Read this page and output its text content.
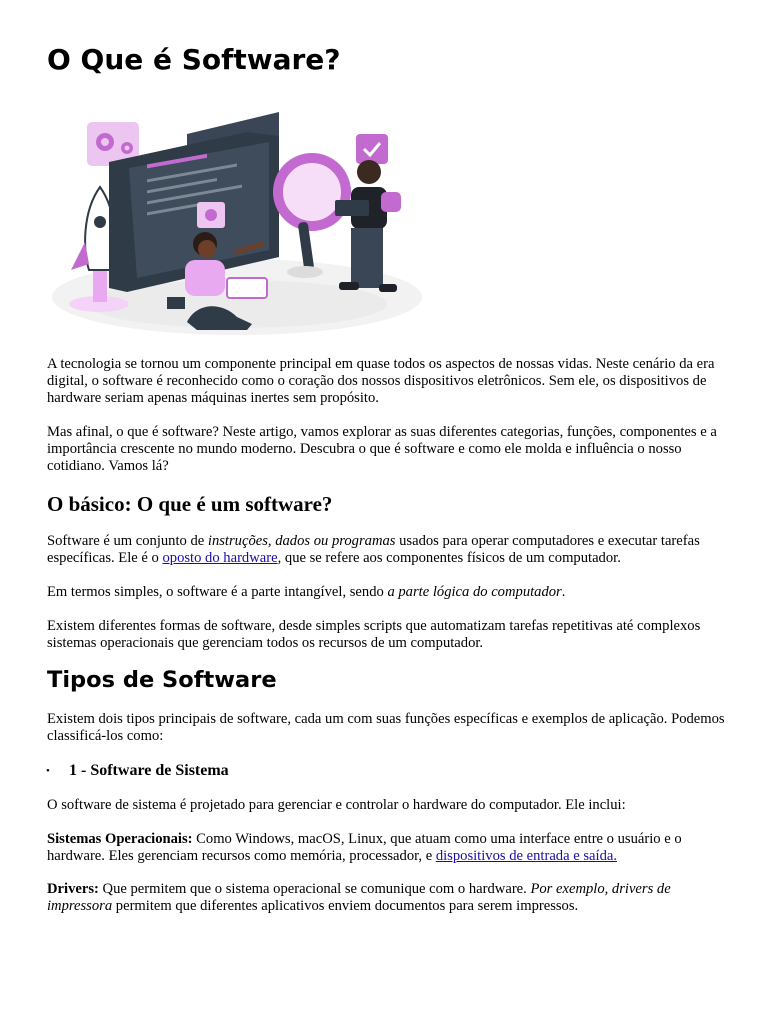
O Que é Software?

A tecnologia se tornou um componente principal em quase todos os aspectos de nossas vidas. Neste cenário da era digital, o software é reconhecido como o coração dos nossos dispositivos eletrônicos. Sem ele, os dispositivos de hardware seriam apenas máquinas inertes sem propósito.

Mas afinal, o que é software? Neste artigo, vamos explorar as suas diferentes categorias, funções, componentes e a importância crescente no mundo moderno. Descubra o que é software e como ele molda e influência o nosso cotidiano. Vamos lá?

O básico: O que é um software?

Software é um conjunto de instruções, dados ou programas usados para operar computadores e executar tarefas específicas. Ele é o oposto do hardware, que se refere aos componentes físicos de um computador.

Em termos simples, o software é a parte intangível, sendo a parte lógica do computador.

Existem diferentes formas de software, desde simples scripts que automatizam tarefas repetitivas até complexos sistemas operacionais que gerenciam todos os recursos de um computador.

Tipos de Software

Existem dois tipos principais de software, cada um com suas funções específicas e exemplos de aplicação. Podemos classificá-los como:

• 1 - Software de Sistema

O software de sistema é projetado para gerenciar e controlar o hardware do computador. Ele inclui:

Sistemas Operacionais: Como Windows, macOS, Linux, que atuam como uma interface entre o usuário e o hardware. Eles gerenciam recursos como memória, processador, e dispositivos de entrada e saída.

Drivers: Que permitem que o sistema operacional se comunique com o hardware. Por exemplo, drivers de impressora permitem que diferentes aplicativos enviem documentos para serem impressos.
